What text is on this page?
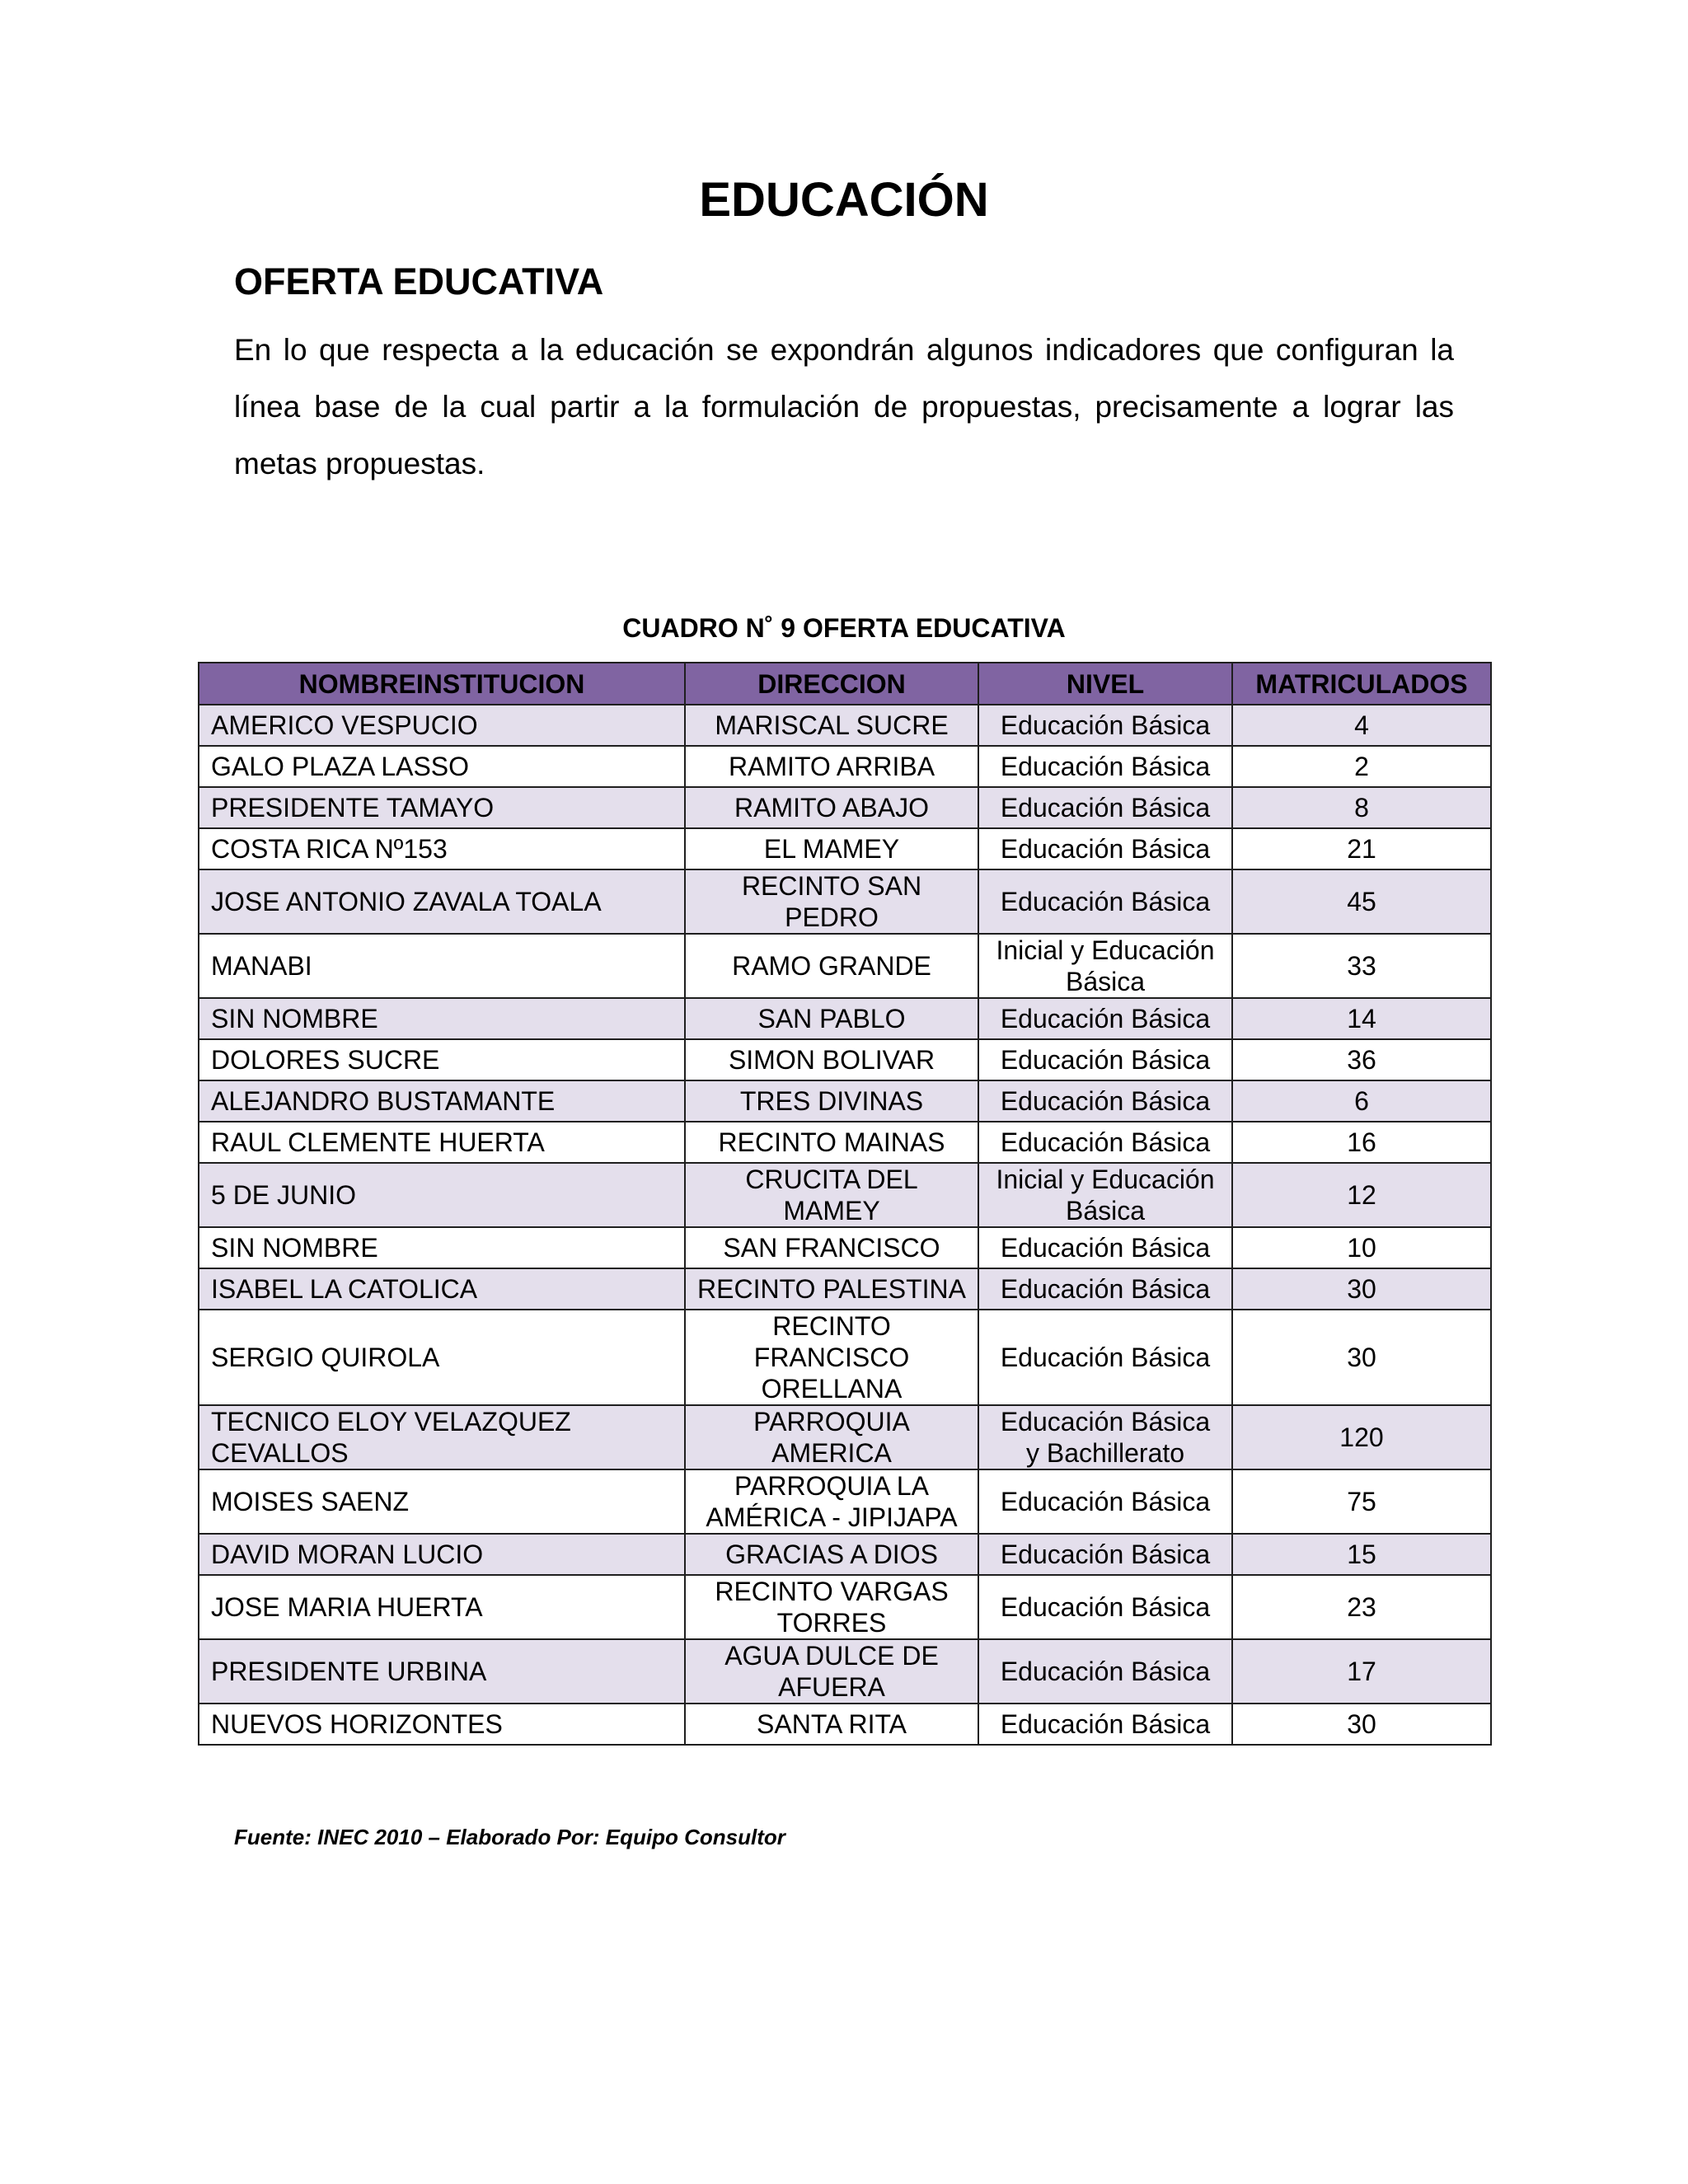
EDUCACIÓN
OFERTA EDUCATIVA

En lo que respecta a la educación se expondrán algunos indicadores que configuran la línea base de la cual partir a la formulación de propuestas, precisamente a lograr las metas propuestas.

CUADRO N˚ 9 OFERTA EDUCATIVA
NOMBREINSTITUCION	DIRECCION	NIVEL	MATRICULADOS
AMERICO VESPUCIO	MARISCAL SUCRE	Educación Básica	4
GALO PLAZA LASSO	RAMITO ARRIBA	Educación Básica	2
PRESIDENTE TAMAYO	RAMITO ABAJO	Educación Básica	8
COSTA RICA Nº153	EL MAMEY	Educación Básica	21
JOSE ANTONIO ZAVALA TOALA	RECINTO SAN PEDRO	Educación Básica	45
MANABI	RAMO GRANDE	Inicial y Educación Básica	33
SIN NOMBRE	SAN PABLO	Educación Básica	14
DOLORES SUCRE	SIMON BOLIVAR	Educación Básica	36
ALEJANDRO BUSTAMANTE	TRES DIVINAS	Educación Básica	6
RAUL CLEMENTE HUERTA	RECINTO MAINAS	Educación Básica	16
5 DE JUNIO	CRUCITA DEL MAMEY	Inicial y Educación Básica	12
SIN NOMBRE	SAN FRANCISCO	Educación Básica	10
ISABEL LA CATOLICA	RECINTO PALESTINA	Educación Básica	30
SERGIO QUIROLA	RECINTO FRANCISCO ORELLANA	Educación Básica	30
TECNICO ELOY VELAZQUEZ CEVALLOS	PARROQUIA AMERICA	Educación Básica y Bachillerato	120
MOISES SAENZ	PARROQUIA LA AMÉRICA - JIPIJAPA	Educación Básica	75
DAVID MORAN LUCIO	GRACIAS A DIOS	Educación Básica	15
JOSE MARIA HUERTA	RECINTO VARGAS TORRES	Educación Básica	23
PRESIDENTE URBINA	AGUA DULCE DE AFUERA	Educación Básica	17
NUEVOS HORIZONTES	SANTA RITA	Educación Básica	30
Fuente: INEC 2010 – Elaborado Por: Equipo Consultor
